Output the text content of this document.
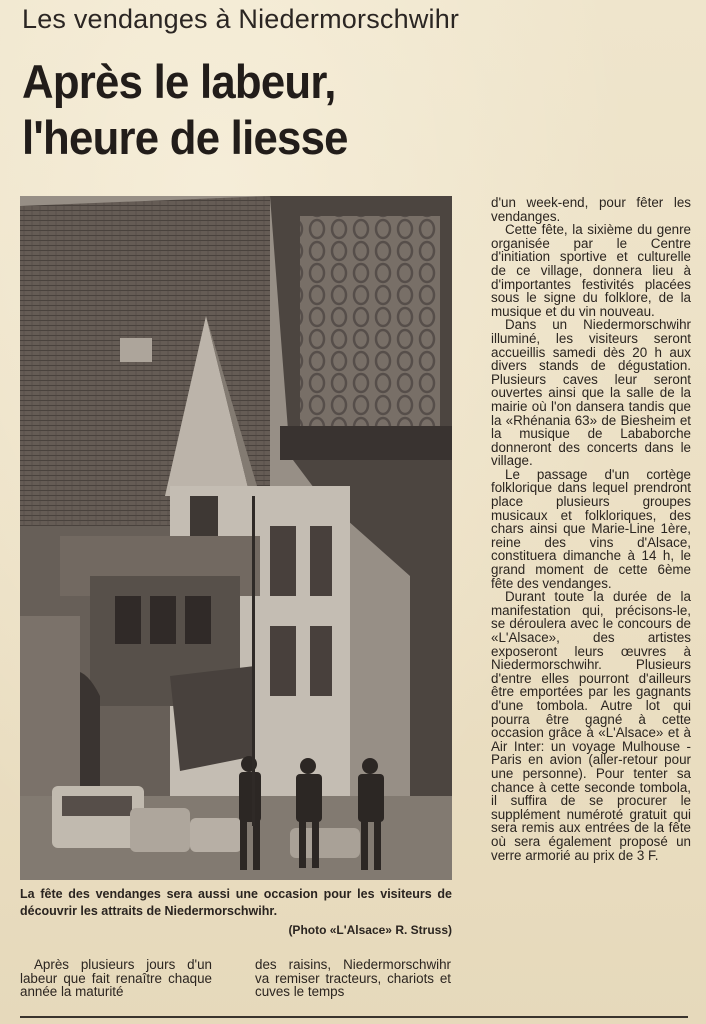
Les vendanges à Niedermorschwihr
Après le labeur,
l'heure de liesse
La fête des vendanges sera aussi une occasion pour les visiteurs de découvrir les attraits de Niedermorschwihr.
(Photo «L'Alsace» R. Struss)

d'un week-end, pour fêter les vendanges.

Cette fête, la sixième du genre organisée par le Centre d'initiation sportive et culturelle de ce village, donnera lieu à d'importantes festivités placées sous le signe du folklore, de la musique et du vin nouveau.

Dans un Niedermorschwihr illuminé, les visiteurs seront accueillis samedi dès 20 h aux divers stands de dégustation. Plusieurs caves leur seront ouvertes ainsi que la salle de la mairie où l'on dansera tandis que la «Rhénania 63» de Biesheim et la musique de Lababorche donneront des concerts dans le village.

Le passage d'un cortège folklorique dans lequel prendront place plusieurs groupes musicaux et folkloriques, des chars ainsi que Marie-Line 1ère, reine des vins d'Alsace, constituera dimanche à 14 h, le grand moment de cette 6ème fête des vendanges.

Durant toute la durée de la manifestation qui, précisons-le, se déroulera avec le concours de «L'Alsace», des artistes exposeront leurs œuvres à Niedermorschwihr. Plusieurs d'entre elles pourront d'ailleurs être emportées par les gagnants d'une tombola. Autre lot qui pourra être gagné à cette occasion grâce à «L'Alsace» et à Air Inter: un voyage Mulhouse - Paris en avion (aller-retour pour une personne). Pour tenter sa chance à cette seconde tombola, il suffira de se procurer le supplément numéroté gratuit qui sera remis aux entrées de la fête où sera également proposé un verre armorié au prix de 3 F.

Après plusieurs jours d'un labeur que fait renaître chaque année la maturité

des raisins, Niedermorschwihr va remiser tracteurs, chariots et cuves le temps
